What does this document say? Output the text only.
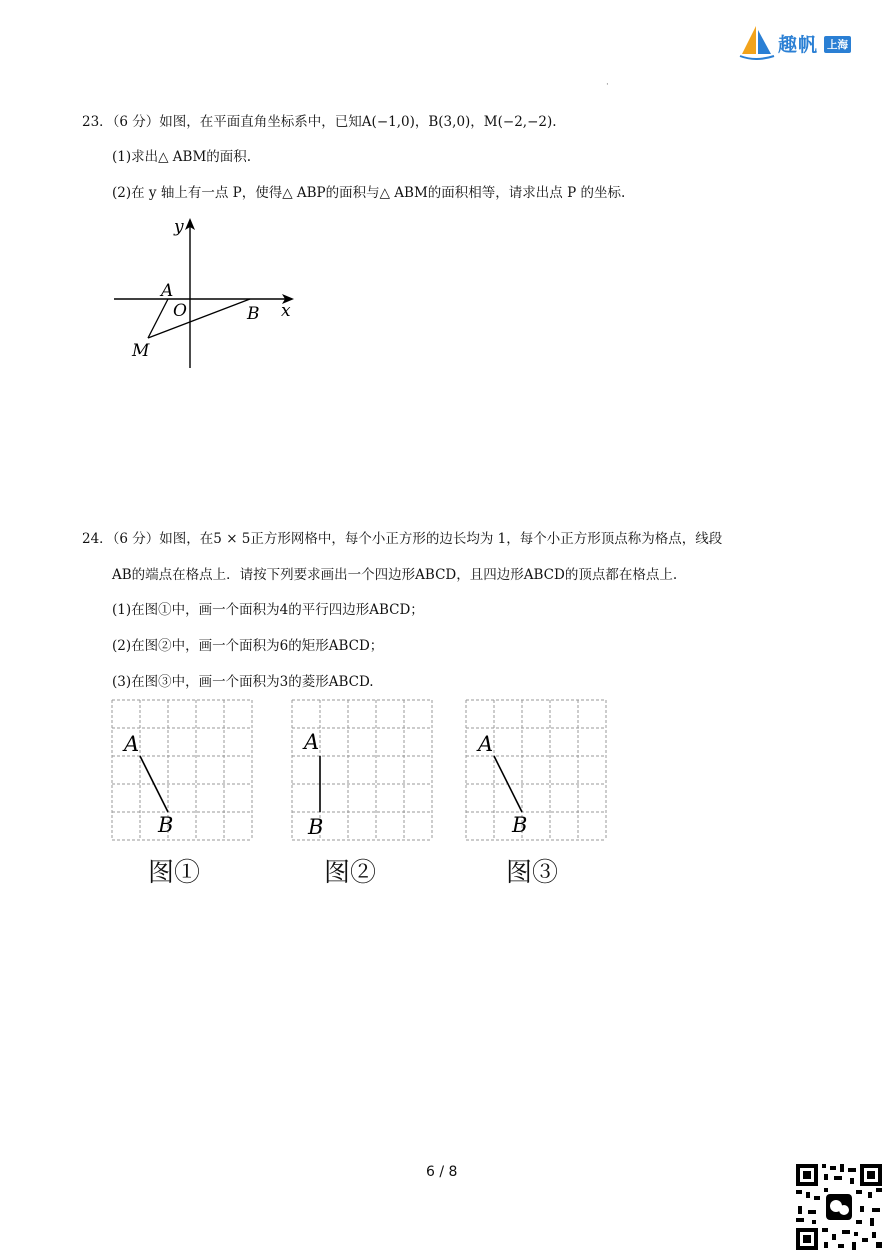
趣帆 上海
·
23．（6 分）如图，在平面直角坐标系中，已知A(−1,0)，B(3,0)，M(−2,−2).
(1)求出△ ABM的面积.
(2)在 y 轴上有一点 P，使得△ ABP的面积与△ ABM的面积相等，请求出点 P 的坐标.
y
x
A
O	B
M
24．（6 分）如图，在5 × 5正方形网格中，每个小正方形的边长均为 1，每个小正方形顶点称为格点，线段
AB的端点在格点上．请按下列要求画出一个四边形ABCD，且四边形ABCD的顶点都在格点上.
(1)在图①中，画一个面积为4的平行四边形ABCD；
(2)在图②中，画一个面积为6的矩形ABCD；
(3)在图③中，画一个面积为3的菱形ABCD.
A
B
图①
A
B
图②
A
B
图③
6 / 8
